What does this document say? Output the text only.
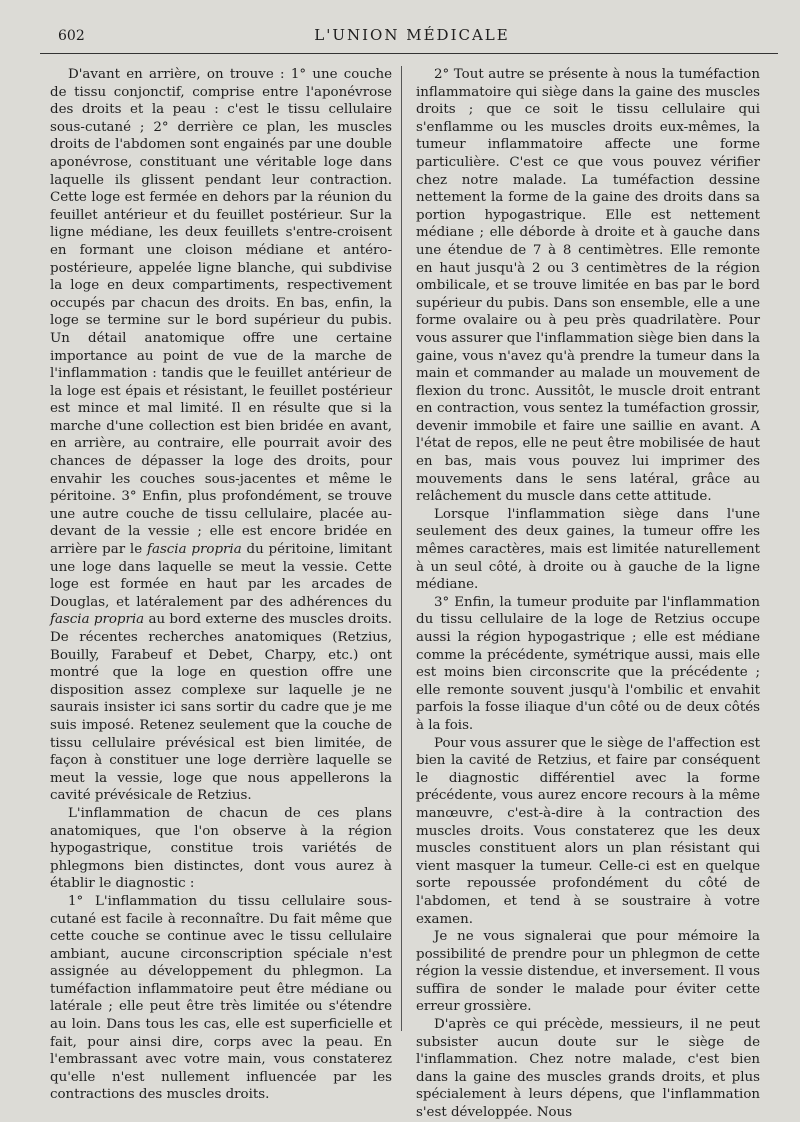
602	L'UNION MÉDICALE

D'avant en arrière, on trouve : 1° une couche de tissu conjonctif, comprise entre l'aponévrose des droits et la peau : c'est le tissu cellulaire sous-cutané ; 2° derrière ce plan, les muscles droits de l'abdomen sont engainés par une double aponévrose, constituant une véritable loge dans laquelle ils glissent pendant leur contraction. Cette loge est fermée en dehors par la réunion du feuillet antérieur et du feuillet postérieur. Sur la ligne médiane, les deux feuillets s'entre-croisent en formant une cloison médiane et antéro-postérieure, appelée ligne blanche, qui subdivise la loge en deux compartiments, respectivement occupés par chacun des droits. En bas, enfin, la loge se termine sur le bord supérieur du pubis. Un détail anatomique offre une certaine importance au point de vue de la marche de l'inflammation : tandis que le feuillet antérieur de la loge est épais et résistant, le feuillet postérieur est mince et mal limité. Il en résulte que si la marche d'une collection est bien bridée en avant, en arrière, au contraire, elle pourrait avoir des chances de dépasser la loge des droits, pour envahir les couches sous-jacentes et même le péritoine. 3° Enfin, plus profondément, se trouve une autre couche de tissu cellulaire, placée au-devant de la vessie ; elle est encore bridée en arrière par le fascia propria du péritoine, limitant une loge dans laquelle se meut la vessie. Cette loge est formée en haut par les arcades de Douglas, et latéralement par des adhérences du fascia propria au bord externe des muscles droits. De récentes recherches anatomiques (Retzius, Bouilly, Farabeuf et Debet, Charpy, etc.) ont montré que la loge en question offre une disposition assez complexe sur laquelle je ne saurais insister ici sans sortir du cadre que je me suis imposé. Retenez seulement que la couche de tissu cellulaire prévésical est bien limitée, de façon à constituer une loge derrière laquelle se meut la vessie, loge que nous appellerons la cavité prévésicale de Retzius.

L'inflammation de chacun de ces plans anatomiques, que l'on observe à la région hypogastrique, constitue trois variétés de phlegmons bien distinctes, dont vous aurez à établir le diagnostic :

1° L'inflammation du tissu cellulaire sous-cutané est facile à reconnaître. Du fait même que cette couche se continue avec le tissu cellulaire ambiant, aucune circonscription spéciale n'est assignée au développement du phlegmon. La tuméfaction inflammatoire peut être médiane ou latérale ; elle peut être très limitée ou s'étendre au loin. Dans tous les cas, elle est superficielle et fait, pour ainsi dire, corps avec la peau. En l'embrassant avec votre main, vous constaterez qu'elle n'est nullement influencée par les contractions des muscles droits.

2° Tout autre se présente à nous la tuméfaction inflammatoire qui siège dans la gaine des muscles droits ; que ce soit le tissu cellulaire qui s'enflamme ou les muscles droits eux-mêmes, la tumeur inflammatoire affecte une forme particulière. C'est ce que vous pouvez vérifier chez notre malade. La tuméfaction dessine nettement la forme de la gaine des droits dans sa portion hypogastrique. Elle est nettement médiane ; elle déborde à droite et à gauche dans une étendue de 7 à 8 centimètres. Elle remonte en haut jusqu'à 2 ou 3 centimètres de la région ombilicale, et se trouve limitée en bas par le bord supérieur du pubis. Dans son ensemble, elle a une forme ovalaire ou à peu près quadrilatère. Pour vous assurer que l'inflammation siège bien dans la gaine, vous n'avez qu'à prendre la tumeur dans la main et commander au malade un mouvement de flexion du tronc. Aussitôt, le muscle droit entrant en contraction, vous sentez la tuméfaction grossir, devenir immobile et faire une saillie en avant. A l'état de repos, elle ne peut être mobilisée de haut en bas, mais vous pouvez lui imprimer des mouvements dans le sens latéral, grâce au relâchement du muscle dans cette attitude.

Lorsque l'inflammation siège dans l'une seulement des deux gaines, la tumeur offre les mêmes caractères, mais est limitée naturellement à un seul côté, à droite ou à gauche de la ligne médiane.

3° Enfin, la tumeur produite par l'inflammation du tissu cellulaire de la loge de Retzius occupe aussi la région hypogastrique ; elle est médiane comme la précédente, symétrique aussi, mais elle est moins bien circonscrite que la précédente ; elle remonte souvent jusqu'à l'ombilic et envahit parfois la fosse iliaque d'un côté ou de deux côtés à la fois.

Pour vous assurer que le siège de l'affection est bien la cavité de Retzius, et faire par conséquent le diagnostic différentiel avec la forme précédente, vous aurez encore recours à la même manœuvre, c'est-à-dire à la contraction des muscles droits. Vous constaterez que les deux muscles constituent alors un plan résistant qui vient masquer la tumeur. Celle-ci est en quelque sorte repoussée profondément du côté de l'abdomen, et tend à se soustraire à votre examen.

Je ne vous signalerai que pour mémoire la possibilité de prendre pour un phlegmon de cette région la vessie distendue, et inversement. Il vous suffira de sonder le malade pour éviter cette erreur grossière.

D'après ce qui précède, messieurs, il ne peut subsister aucun doute sur le siège de l'inflammation. Chez notre malade, c'est bien dans la gaine des muscles grands droits, et plus spécialement à leurs dépens, que l'inflammation s'est développée. Nous
